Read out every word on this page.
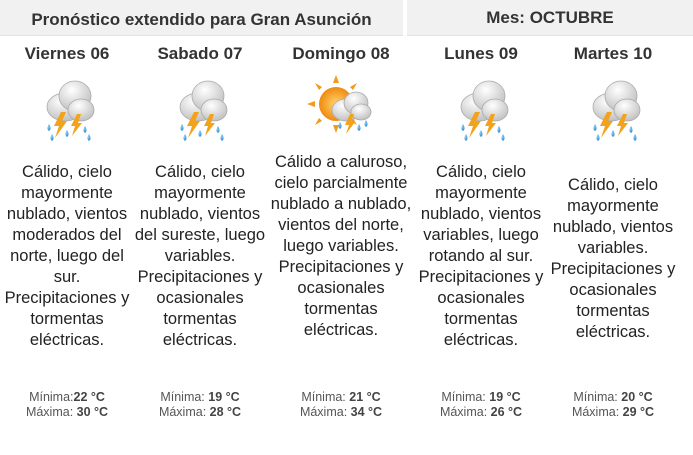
Pronóstico extendido para Gran Asunción	Mes: OCTUBRE
Viernes 06
Cálido, cielo mayormente nublado, vientos moderados del norte, luego del sur. Precipitaciones y tormentas eléctricas.
Mínima:22 °C
Máxima: 30 °C
Sabado 07
Cálido, cielo mayormente nublado, vientos del sureste, luego variables. Precipitaciones y ocasionales tormentas eléctricas.
Mínima: 19 °C
Máxima: 28 °C
Domingo 08
Cálido a caluroso, cielo parcialmente nublado a nublado, vientos del norte, luego variables. Precipitaciones y ocasionales tormentas eléctricas.
Mínima: 21 °C
Máxima: 34 °C
Lunes 09
Cálido, cielo mayormente nublado, vientos variables, luego rotando al sur. Precipitaciones y ocasionales tormentas eléctricas.
Mínima: 19 °C
Máxima: 26 °C
Martes 10
Cálido, cielo mayormente nublado, vientos variables. Precipitaciones y ocasionales tormentas eléctricas.
Mínima: 20 °C
Máxima: 29 °C
